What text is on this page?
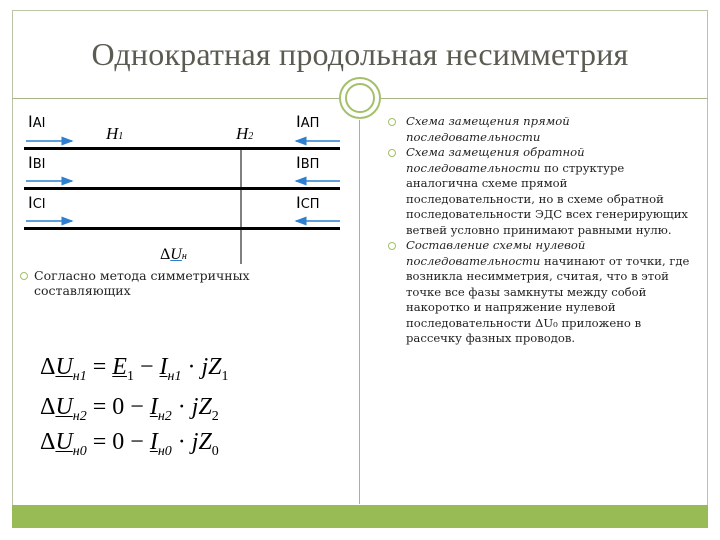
Однократная продольная несимметрия
IAI	IAП
IBI	IBП
ICI	ICП
H1	H2
ΔUн
Согласно метода симметричных составляющих
$\Delta U_{н1} = E_1 - I_{н1} \cdot jZ_1$
$\Delta U_{н2} = 0 - I_{н2} \cdot jZ_2$
$\Delta U_{н0} = 0 - I_{н0} \cdot jZ_0$
Схема замещения прямой последовательности
Схема замещения обратной последовательности по структуре аналогична схеме прямой последовательности, но в схеме обратной последовательности ЭДС всех генерирующих ветвей условно принимают равными нулю.
Составление схемы нулевой последовательности начинают от точки, где возникла несимметрия, считая, что в этой точке все фазы замкнуты между собой накоротко и напряжение нулевой последовательности ΔU₀ приложено в рассечку фазных проводов.
